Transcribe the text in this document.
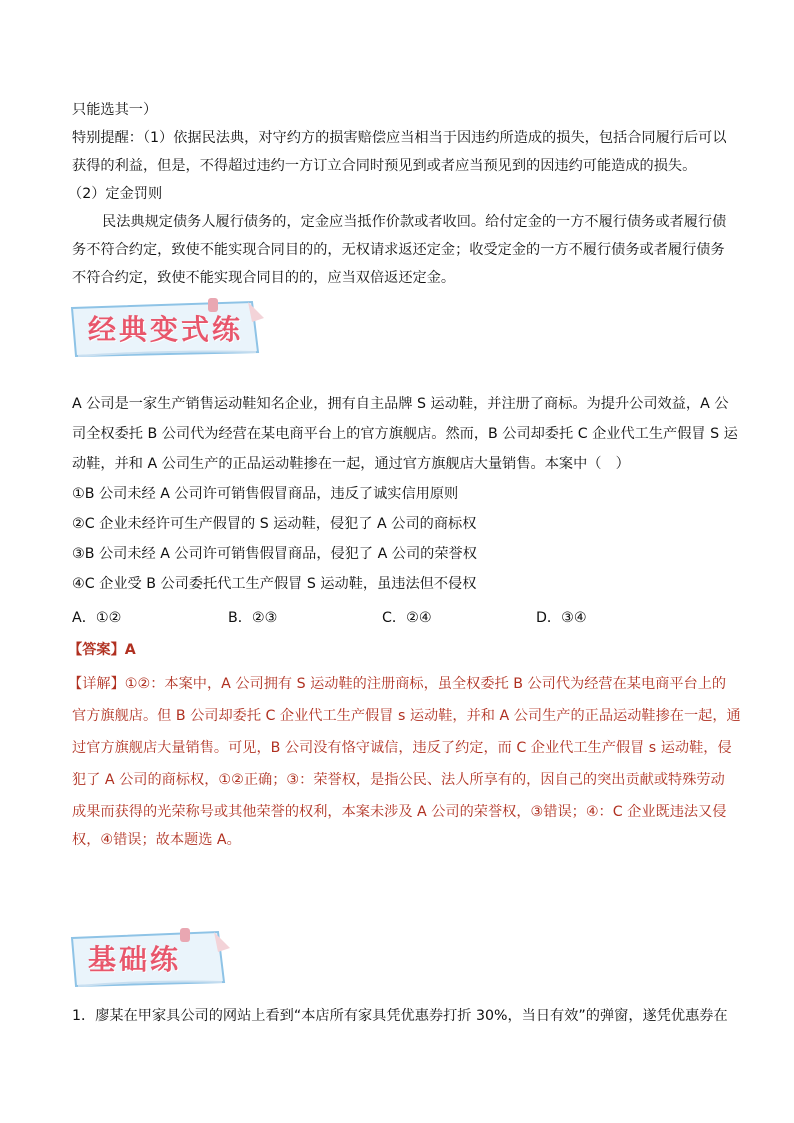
只能选其一）
特别提醒：（1）依据民法典，对守约方的损害赔偿应当相当于因违约所造成的损失，包括合同履行后可以
获得的利益，但是，不得超过违约一方订立合同时预见到或者应当预见到的因违约可能造成的损失。
（2）定金罚则
民法典规定债务人履行债务的，定金应当抵作价款或者收回。给付定金的一方不履行债务或者履行债
务不符合约定，致使不能实现合同目的的，无权请求返还定金；收受定金的一方不履行债务或者履行债务
不符合约定，致使不能实现合同目的的，应当双倍返还定金。
经典变式练
A 公司是一家生产销售运动鞋知名企业，拥有自主品牌 S 运动鞋，并注册了商标。为提升公司效益，A 公
司全权委托 B 公司代为经营在某电商平台上的官方旗舰店。然而，B 公司却委托 C 企业代工生产假冒 S 运
动鞋，并和 A 公司生产的正品运动鞋掺在一起，通过官方旗舰店大量销售。本案中（　）
①B 公司未经 A 公司许可销售假冒商品，违反了诚实信用原则
②C 企业未经许可生产假冒的 S 运动鞋，侵犯了 A 公司的商标权
③B 公司未经 A 公司许可销售假冒商品，侵犯了 A 公司的荣誉权
④C 企业受 B 公司委托代工生产假冒 S 运动鞋，虽违法但不侵权
A．①②	B．②③	C．②④	D．③④
【答案】A
【详解】①②：本案中，A 公司拥有 S 运动鞋的注册商标，虽全权委托 B 公司代为经营在某电商平台上的
官方旗舰店。但 B 公司却委托 C 企业代工生产假冒 s 运动鞋，并和 A 公司生产的正品运动鞋掺在一起，通
过官方旗舰店大量销售。可见，B 公司没有恪守诚信，违反了约定，而 C 企业代工生产假冒 s 运动鞋，侵
犯了 A 公司的商标权，①②正确；③：荣誉权，是指公民、法人所享有的，因自己的突出贡献或特殊劳动
成果而获得的光荣称号或其他荣誉的权利，本案未涉及 A 公司的荣誉权，③错误；④：C 企业既违法又侵
权，④错误；故本题选 A。
基础练
1．廖某在甲家具公司的网站上看到“本店所有家具凭优惠券打折 30%，当日有效”的弹窗，遂凭优惠券在
